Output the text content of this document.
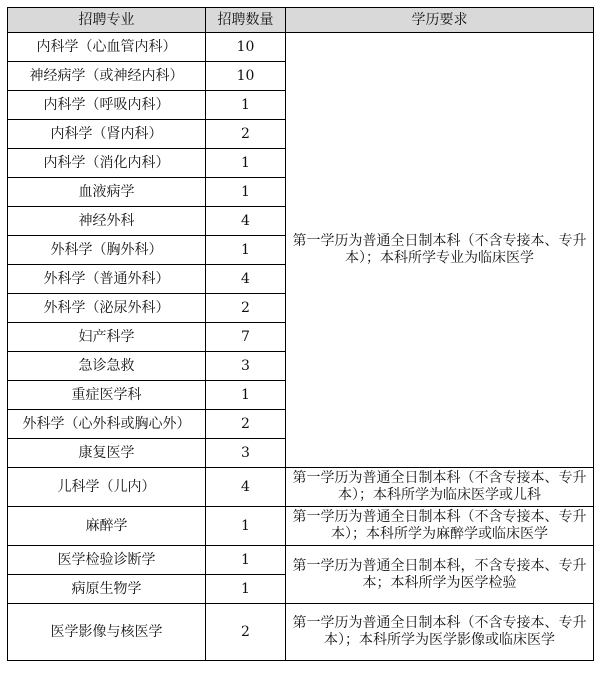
招聘专业	招聘数量	学历要求
内科学（心血管内科）	10	第一学历为普通全日制本科（不含专接本、专升本）；本科所学专业为临床医学
神经病学（或神经内科）	10	
内科学（呼吸内科）	1	
内科学（肾内科）	2	
内科学（消化内科）	1	
血液病学	1	
神经外科	4	
外科学（胸外科）	1	
外科学（普通外科）	4	
外科学（泌尿外科）	2	
妇产科学	7	
急诊急救	3	
重症医学科	1	
外科学（心外科或胸心外）	2	
康复医学	3	
儿科学（儿内）	4	第一学历为普通全日制本科（不含专接本、专升本）；本科所学为临床医学或儿科
麻醉学	1	第一学历为普通全日制本科（不含专接本、专升本）；本科所学为麻醉学或临床医学
医学检验诊断学	1	第一学历为普通全日制本科，不含专接本、专升本；本科所学为医学检验
病原生物学	1	
医学影像与核医学	2	第一学历为普通全日制本科（不含专接本、专升本）；本科所学为医学影像或临床医学
